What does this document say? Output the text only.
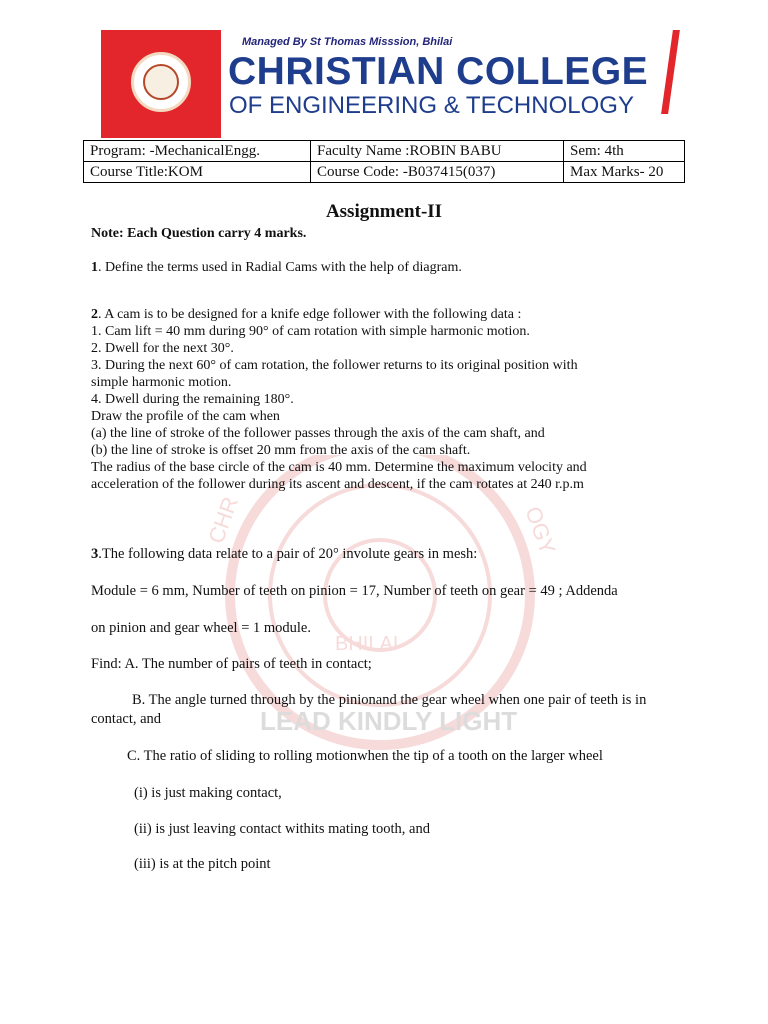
Managed By St Thomas Misssion, Bhilai
CHRISTIAN COLLEGE
OF ENGINEERING & TECHNOLOGY
CHR	OGY
BHILAI
LEAD KINDLY LIGHT
Program: -MechanicalEngg.	Faculty Name :ROBIN BABU	Sem: 4th
Course Title:KOM	Course Code: -B037415(037)	Max Marks- 20
Assignment-II
Note: Each Question carry 4 marks.
1. Define the terms used in Radial Cams with the help of diagram.
2. A cam is to be designed for a knife edge follower with the following data :
1. Cam lift = 40 mm during 90° of cam rotation with simple harmonic motion.
2. Dwell for the next 30°.
3. During the next 60° of cam rotation, the follower returns to its original position with
simple harmonic motion.
4. Dwell during the remaining 180°.
Draw the profile of the cam when
(a) the line of stroke of the follower passes through the axis of the cam shaft, and
(b) the line of stroke is offset 20 mm from the axis of the cam shaft.
The radius of the base circle of the cam is 40 mm. Determine the maximum velocity and
acceleration of the follower during its ascent and descent, if the cam rotates at 240 r.p.m
3.The following data relate to a pair of 20° involute gears in mesh:
Module = 6 mm, Number of teeth on pinion = 17, Number of teeth on gear = 49 ; Addenda
on pinion and gear wheel = 1 module.
Find: A. The number of pairs of teeth in contact;
B. The angle turned through by the pinionand the gear wheel when one pair of teeth is in
contact, and
C. The ratio of sliding to rolling motionwhen the tip of a tooth on the larger wheel
(i) is just making contact,
(ii) is just leaving contact withits mating tooth, and
(iii) is at the pitch point
